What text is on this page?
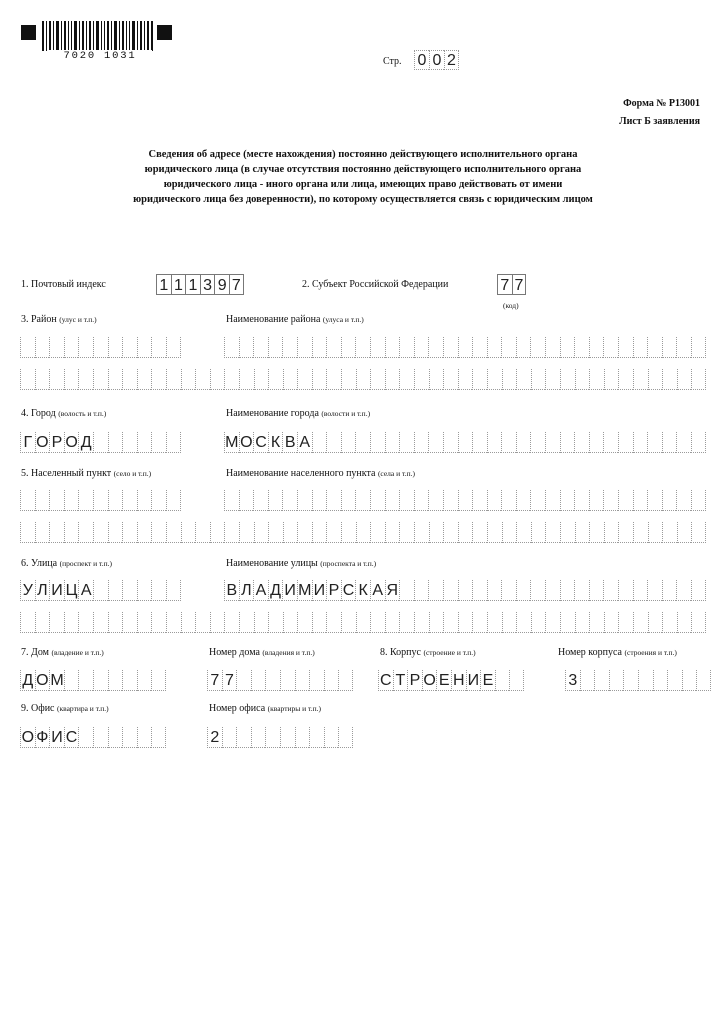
7020 1031	Стр. 0 0 2
Форма № Р13001
Лист Б заявления
Сведения об адресе (месте нахождения) постоянно действующего исполнительного органа
юридического лица (в случае отсутствия постоянно действующего исполнительного органа
юридического лица - иного органа или лица, имеющих право действовать от имени
юридического лица без доверенности), по которому осуществляется связь с юридическим лицом
1. Почтовый индекс	1 1 1 3 9 7	2. Субъект Российской Федерации	7 7
(код)
3. Район (улус и т.п.)	Наименование района (улуса и т.п.)
4. Город (волость и т.п.)	Наименование города (волости и т.п.)
Г О Р О Д	М О С К В А
5. Населенный пункт (село и т.п.)	Наименование населенного пункта (села и т.п.)
6. Улица (проспект и т.п.)	Наименование улицы (проспекта и т.п.)
У Л И Ц А	В Л А Д И М И Р С К А Я
7. Дом (владение и т.п.)	Номер дома (владения и т.п.)	8. Корпус (строение и т.п.)	Номер корпуса (строения и т.п.)
Д О М	7 7	С Т Р О Е Н И Е	3
9. Офис (квартира и т.п.)	Номер офиса (квартиры и т.п.)
О Ф И С	2
